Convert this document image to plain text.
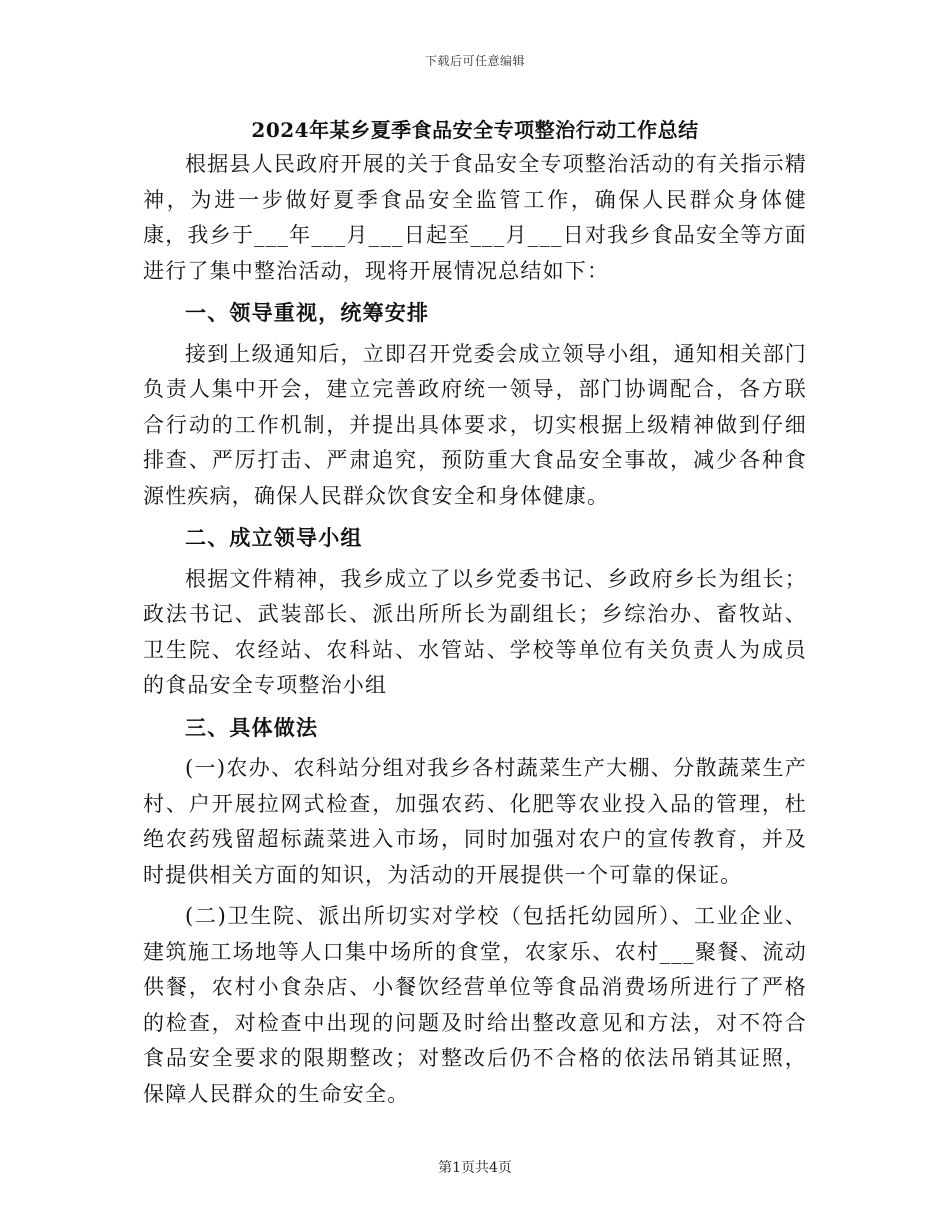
下载后可任意编辑
2024年某乡夏季食品安全专项整治行动工作总结

根据县人民政府开展的关于食品安全专项整治活动的有关指示精神，为进一步做好夏季食品安全监管工作，确保人民群众身体健康，我乡于___年___月___日起至___月___日对我乡食品安全等方面进行了集中整治活动，现将开展情况总结如下：

一、领导重视，统筹安排

接到上级通知后，立即召开党委会成立领导小组，通知相关部门负责人集中开会，建立完善政府统一领导，部门协调配合，各方联合行动的工作机制，并提出具体要求，切实根据上级精神做到仔细排查、严厉打击、严肃追究，预防重大食品安全事故，减少各种食源性疾病，确保人民群众饮食安全和身体健康。

二、成立领导小组

根据文件精神，我乡成立了以乡党委书记、乡政府乡长为组长；政法书记、武装部长、派出所所长为副组长；乡综治办、畜牧站、卫生院、农经站、农科站、水管站、学校等单位有关负责人为成员的食品安全专项整治小组

三、具体做法

(一)农办、农科站分组对我乡各村蔬菜生产大棚、分散蔬菜生产村、户开展拉网式检查，加强农药、化肥等农业投入品的管理，杜绝农药残留超标蔬菜进入市场，同时加强对农户的宣传教育，并及时提供相关方面的知识，为活动的开展提供一个可靠的保证。

(二)卫生院、派出所切实对学校（包括托幼园所）、工业企业、建筑施工场地等人口集中场所的食堂，农家乐、农村___聚餐、流动供餐，农村小食杂店、小餐饮经营单位等食品消费场所进行了严格的检查，对检查中出现的问题及时给出整改意见和方法，对不符合食品安全要求的限期整改；对整改后仍不合格的依法吊销其证照，保障人民群众的生命安全。

第1页共4页
